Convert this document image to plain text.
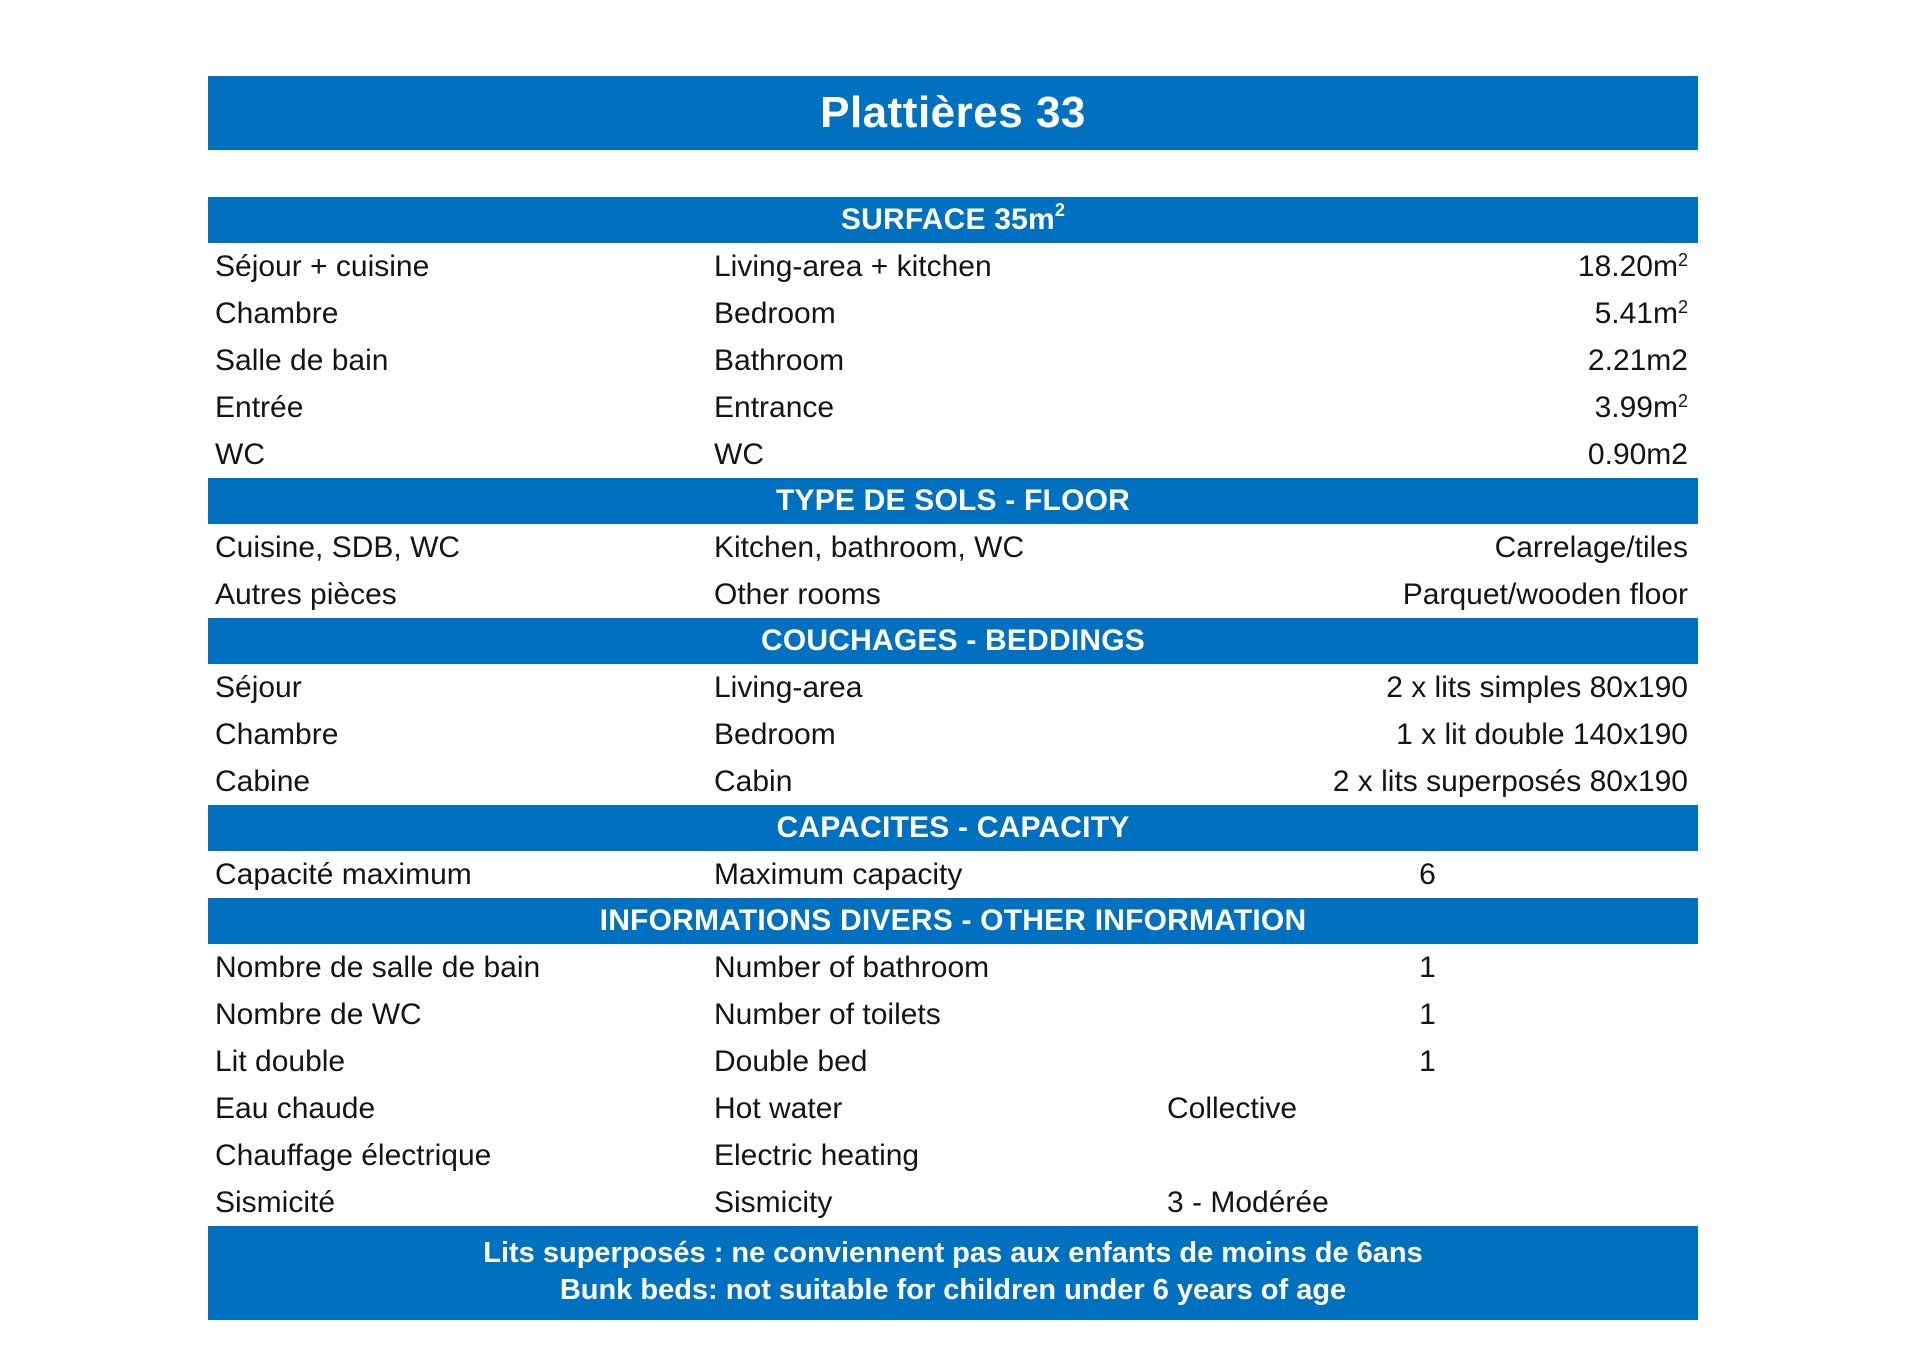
Plattières 33
SURFACE 35m 2
Séjour + cuisine	Living-area + kitchen	$18.20m^2$
Chambre	Bedroom	$5.41m^2$
Salle de bain	Bathroom	2.21m2
Entrée	Entrance	$3.99m^2$
WC	WC	0.90m2
TYPE DE SOLS - FLOOR
Cuisine, SDB, WC	Kitchen, bathroom, WC	Carrelage/tiles
Autres pièces	Other rooms	Parquet/wooden floor
COUCHAGES - BEDDINGS
Séjour	Living-area	2 x lits simples 80x190
Chambre	Bedroom	1 x lit double 140x190
Cabine	Cabin	2 x lits superposés 80x190
CAPACITES - CAPACITY
Capacité maximum	Maximum capacity	6
INFORMATIONS DIVERS - OTHER INFORMATION
Nombre de salle de bain	Number of bathroom	1
Nombre de WC	Number of toilets	1
Lit double	Double bed	1
Eau chaude	Hot water	Collective
Chauffage électrique	Electric heating
Sismicité	Sismicity	3 - Modérée
Lits superposés : ne conviennent pas aux enfants de moins de 6ans
Bunk beds: not suitable for children under 6 years of age
